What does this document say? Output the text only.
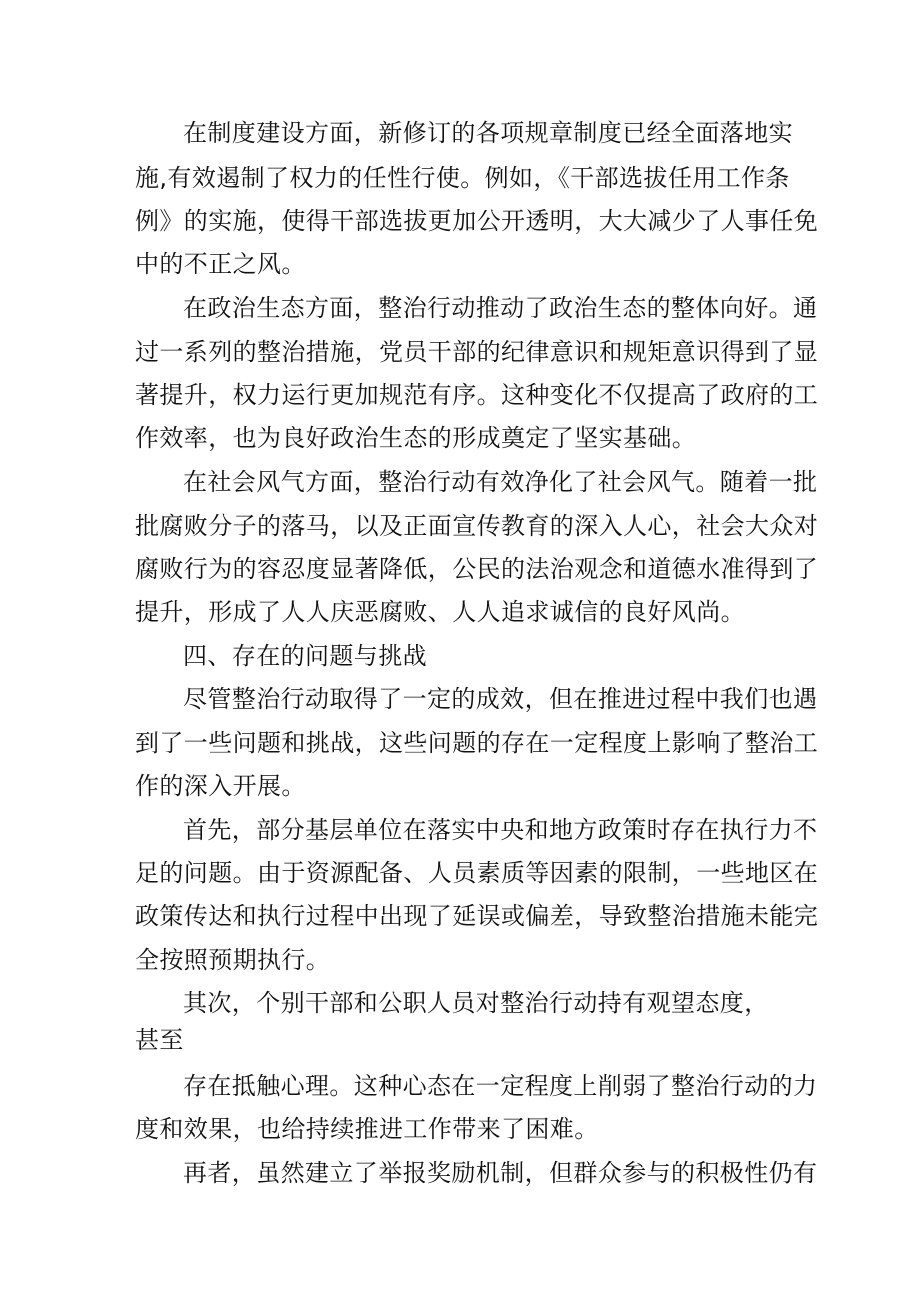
在制度建设方面，新修订的各项规章制度已经全面落地实
施,有效遏制了权力的任性行使。例如，《干部选拔任用工作条
例》的实施，使得干部选拔更加公开透明，大大减少了人事任免
中的不正之风。
在政治生态方面，整治行动推动了政治生态的整体向好。通
过一系列的整治措施，党员干部的纪律意识和规矩意识得到了显
著提升，权力运行更加规范有序。这种变化不仅提高了政府的工
作效率，也为良好政治生态的形成奠定了坚实基础。
在社会风气方面，整治行动有效净化了社会风气。随着一批
批腐败分子的落马，以及正面宣传教育的深入人心，社会大众对
腐败行为的容忍度显著降低，公民的法治观念和道德水准得到了
提升，形成了人人庆恶腐败、人人追求诚信的良好风尚。
四、存在的问题与挑战
尽管整治行动取得了一定的成效，但在推进过程中我们也遇
到了一些问题和挑战，这些问题的存在一定程度上影响了整治工
作的深入开展。
首先，部分基层单位在落实中央和地方政策时存在执行力不
足的问题。由于资源配备、人员素质等因素的限制，一些地区在
政策传达和执行过程中出现了延误或偏差，导致整治措施未能完
全按照预期执行。
其次，个别干部和公职人员对整治行动持有观望态度，
甚至
存在抵触心理。这种心态在一定程度上削弱了整治行动的力
度和效果，也给持续推进工作带来了困难。
再者，虽然建立了举报奖励机制，但群众参与的积极性仍有
